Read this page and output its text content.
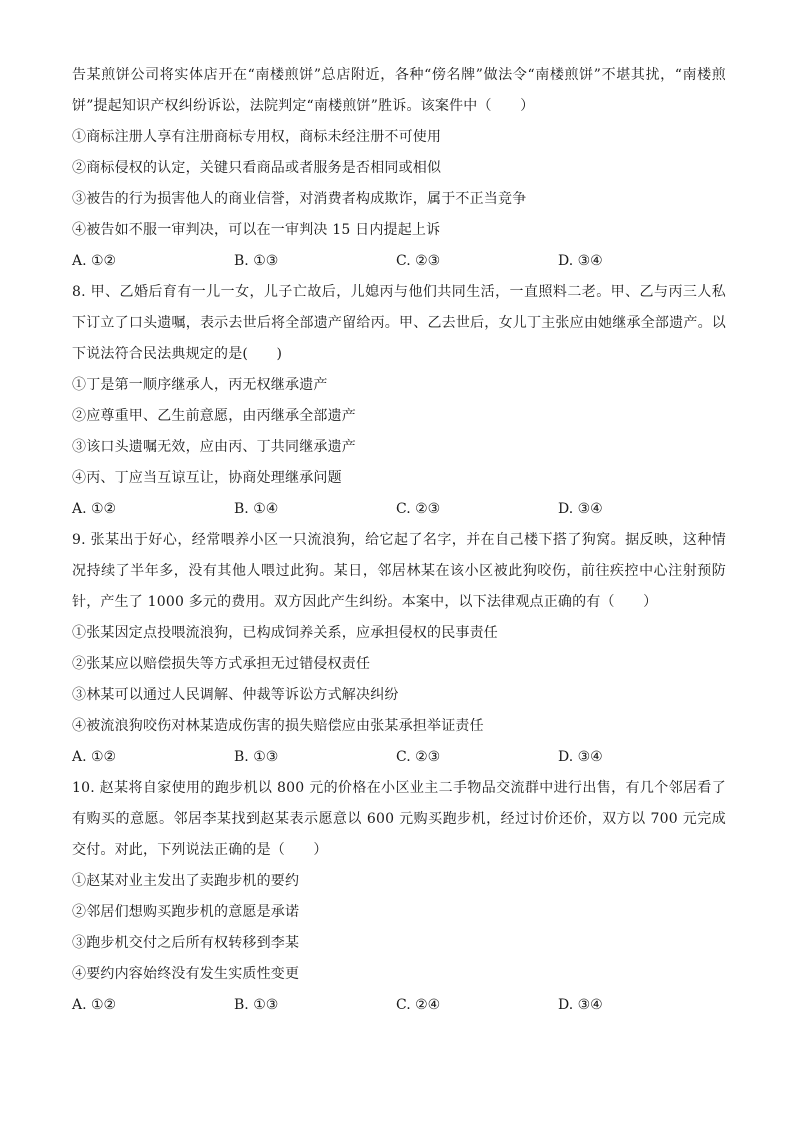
告某煎饼公司将实体店开在“南楼煎饼”总店附近，各种“傍名牌”做法令“南楼煎饼”不堪其扰，“南楼煎饼”提起知识产权纠纷诉讼，法院判定“南楼煎饼”胜诉。该案件中（　　）

①商标注册人享有注册商标专用权，商标未经注册不可使用

②商标侵权的认定，关键只看商品或者服务是否相同或相似

③被告的行为损害他人的商业信誉，对消费者构成欺诈，属于不正当竞争

④被告如不服一审判决，可以在一审判决 15 日内提起上诉

A. ①②	B. ①③	C. ②③	D. ③④

8. 甲、乙婚后育有一儿一女，儿子亡故后，儿媳丙与他们共同生活，一直照料二老。甲、乙与丙三人私下订立了口头遗嘱，表示去世后将全部遗产留给丙。甲、乙去世后，女儿丁主张应由她继承全部遗产。以下说法符合民法典规定的是(　　)

①丁是第一顺序继承人，丙无权继承遗产

②应尊重甲、乙生前意愿，由丙继承全部遗产

③该口头遗嘱无效，应由丙、丁共同继承遗产

④丙、丁应当互谅互让，协商处理继承问题

A. ①②	B. ①④	C. ②③	D. ③④

9. 张某出于好心，经常喂养小区一只流浪狗，给它起了名字，并在自己楼下搭了狗窝。据反映，这种情况持续了半年多，没有其他人喂过此狗。某日，邻居林某在该小区被此狗咬伤，前往疾控中心注射预防针，产生了 1000 多元的费用。双方因此产生纠纷。本案中，以下法律观点正确的有（　　）

①张某因定点投喂流浪狗，已构成饲养关系，应承担侵权的民事责任

②张某应以赔偿损失等方式承担无过错侵权责任

③林某可以通过人民调解、仲裁等诉讼方式解决纠纷

④被流浪狗咬伤对林某造成伤害的损失赔偿应由张某承担举证责任

A. ①②	B. ①③	C. ②③	D. ③④

10. 赵某将自家使用的跑步机以 800 元的价格在小区业主二手物品交流群中进行出售，有几个邻居看了有购买的意愿。邻居李某找到赵某表示愿意以 600 元购买跑步机，经过讨价还价，双方以 700 元完成交付。对此，下列说法正确的是（　　）

①赵某对业主发出了卖跑步机的要约

②邻居们想购买跑步机的意愿是承诺

③跑步机交付之后所有权转移到李某

④要约内容始终没有发生实质性变更

A. ①②	B. ①③	C. ②④	D. ③④
